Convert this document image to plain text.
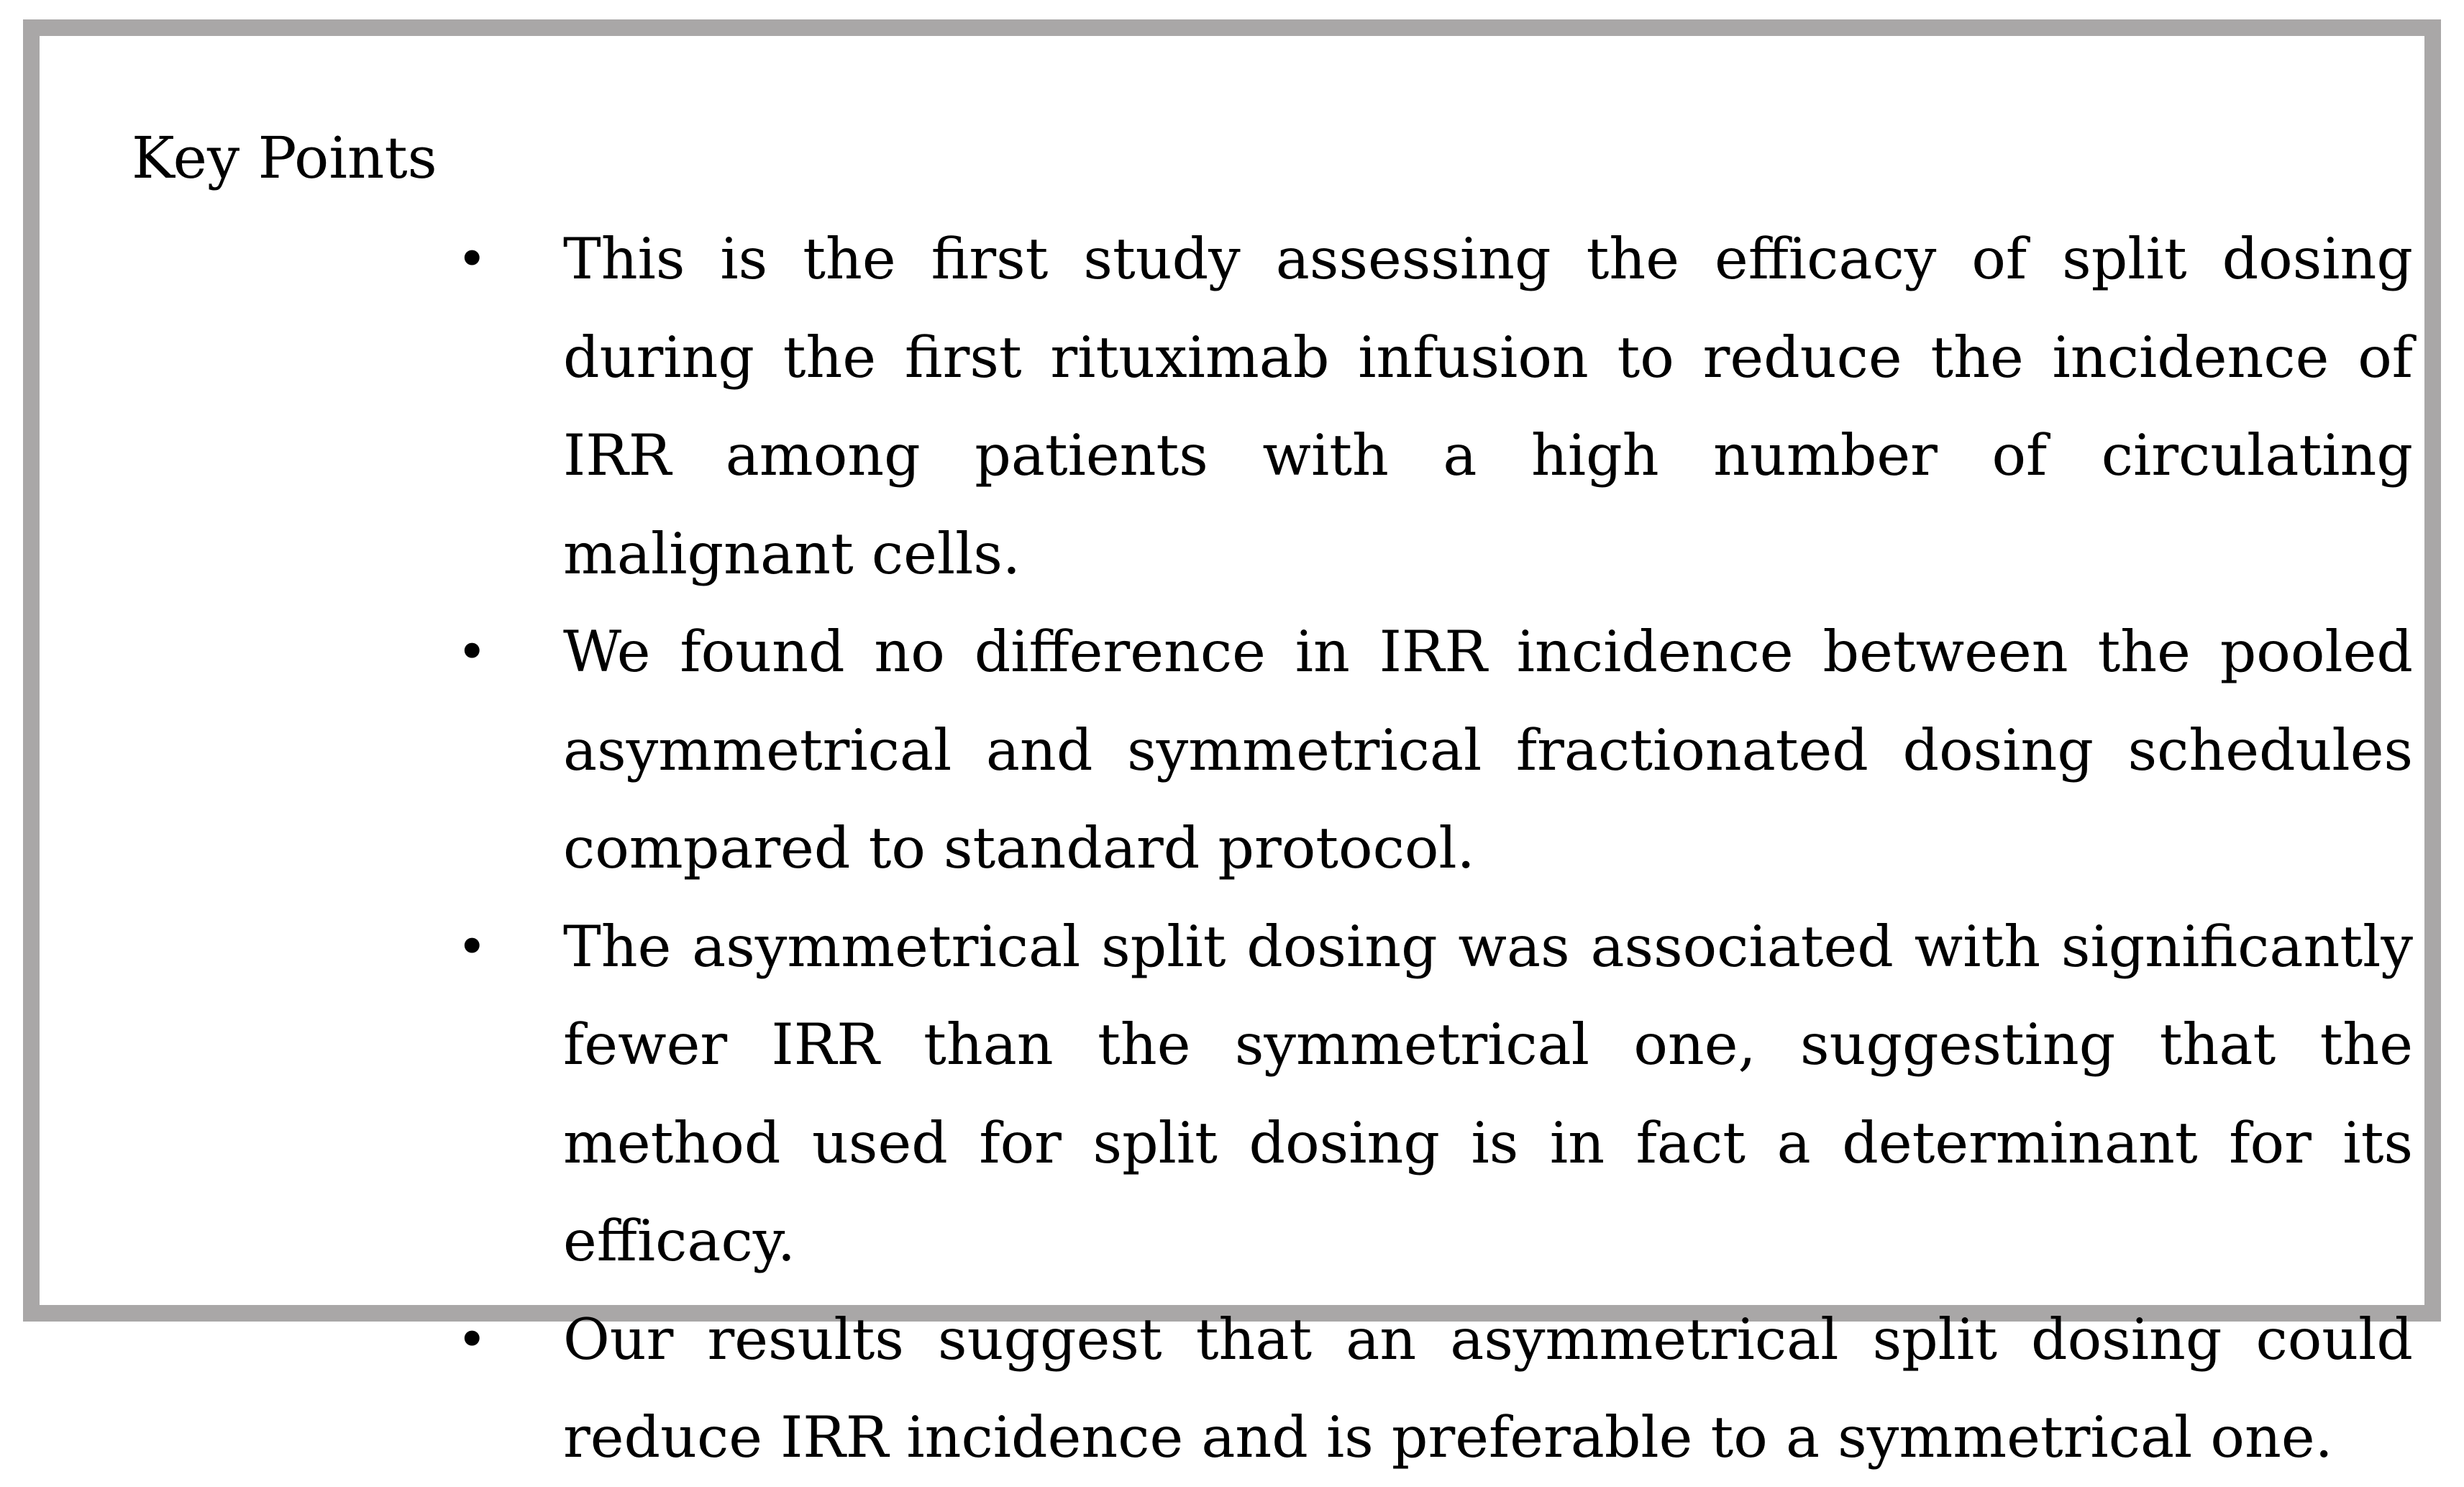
Key Points
• This is the first study assessing the efficacy of split dosing during the first rituximab infusion to reduce the incidence of IRR among patients with a high number of circulating malignant cells.
• We found no difference in IRR incidence between the pooled asymmetrical and symmetrical fractionated dosing schedules compared to standard protocol.
• The asymmetrical split dosing was associated with significantly fewer IRR than the symmetrical one, suggesting that the method used for split dosing is in fact a determinant for its efficacy.
• Our results suggest that an asymmetrical split dosing could reduce IRR incidence and is preferable to a symmetrical one.
